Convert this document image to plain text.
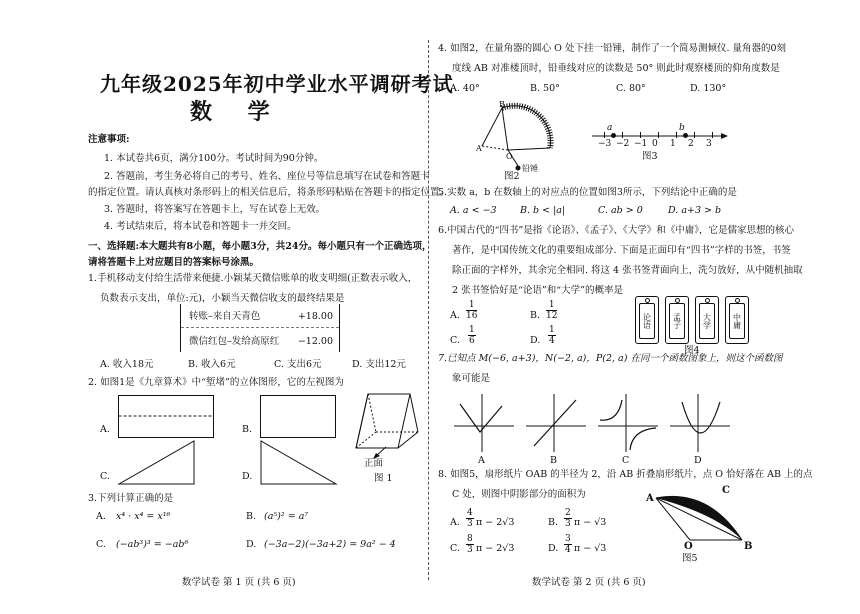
九年级2025年初中学业水平调研考试
数 学
注意事项:
1. 本试卷共6页，满分100分。考试时间为90分钟。
2. 答题前，考生务必将自己的考号、姓名、座位号等信息填写在试卷和答题卡
的指定位置。请认真核对条形码上的相关信息后，将条形码粘贴在答题卡的指定位置。
3. 答题时，将答案写在答题卡上，写在试卷上无效。
4. 考试结束后，将本试卷和答题卡一并交回。
一、选择题:本大题共有8小题，每小题3分，共24分。每小题只有一个正确选项，
请将答题卡上对应题目的答案标号涂黑。
1.手机移动支付给生活带来便捷.小颖某天微信账单的收支明细(正数表示收入，
负数表示支出，单位:元)，小颖当天微信收支的最终结果是
转账–来自天青色	+18.00
微信红包–发给高原红 −12.00
A. 收入18元	B. 收入6元	C. 支出6元	D. 支出12元
2. 如图1是《九章算术》中“堑堵”的立体图形，它的左视图为
A.	B.
正面
图 1
C.	D.
3.下列计算正确的是
A. x⁴ · x⁴ = x¹⁶	B. (a⁵)² = a⁷
C. (−ab³)³ = −ab⁶	D. (−3a−2)(−3a+2) = 9a² − 4
数学试卷 第 1 页 (共 6 页)
4. 如图2，在量角器的圆心 O 处下挂一铅锤，制作了一个简易测倾仪. 量角器的0刻
度线 AB 对准楼顶时，铅垂线对应的读数是 50° 则此时观察楼顶的仰角度数是
A. 40°	B. 50°	C. 80°	D. 130°
B
A
O
铅锤
图2
a	b
图3
5.实数 a，b 在数轴上的对应点的位置如图3所示，下列结论中正确的是
A. a < −3 B. b < |a|	C. ab > 0	D. a+3 > b
6.中国古代的“四书”是指《论语》、《孟子》、《大学》和《中庸》，它是儒家思想的核心
著作，是中国传统文化的重要组成部分. 下面是正面印有“四书”字样的书签，书签
除正面的字样外，其余完全相同. 将这 4 张书签背面向上，洗匀放好，从中随机抽取
2 张书签恰好是“论语”和“大学”的概率是
A. $\frac{1}{16}$	B. $\frac{1}{12}$
C. $\frac{1}{6}$	D. $\frac{1}{4}$
论语	孟子	大学	中庸
图4
7.已知点 M(−6, a+3)，N(−2, a)，P(2, a) 在同一个函数图象上，则这个函数图
象可能是
8. 如图5，扇形纸片 OAB 的半径为 2，沿 AB 折叠扇形纸片，点 O 恰好落在 AB 上的点
C 处，则图中阴影部分的面积为
A. $\frac{4}{3}$ π − 2√3	B. $\frac{2}{3}$ π − √3
C. $\frac{8}{3}$ π − 2√3	D. $\frac{3}{4}$ π − √3
A
C
O	B
图5
数学试卷 第 2 页 (共 6 页)
−3 −2 −1 0 1 2 3
A	B	C	D
